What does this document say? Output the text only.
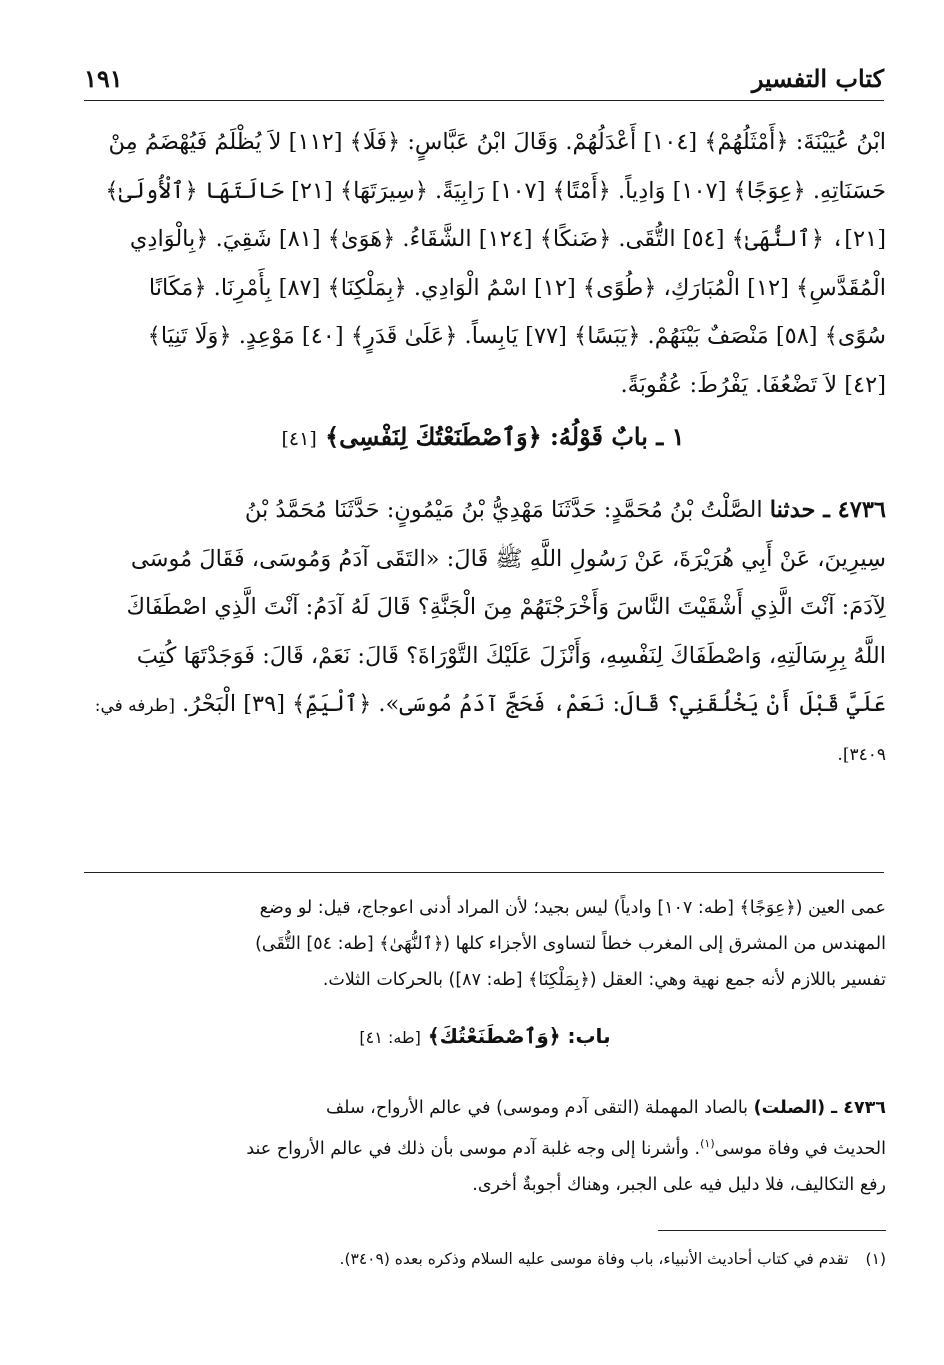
كتاب التفسير
١٩١

ابْنُ عُيَيْنَةَ: ﴿أَمْثَلُهُمْ﴾ [١٠٤] أَعْدَلُهُمْ. وَقَالَ ابْنُ عَبَّاسٍ: ﴿فَلَا﴾ [١١٢] لاَ يُظْلَمُ فَيُهْضَمُ مِنْ

حَسَنَاتِهِ. ﴿عِوَجًا﴾ [١٠٧] وَادِياً. ﴿أَمْتًا﴾ [١٠٧] رَابِيَةً. ﴿سِيرَتَهَا﴾ [٢١] حَالَتَهَا ﴿ٱلْأُولَىٰ﴾

[٢١]، ﴿ٱلنُّهَىٰ﴾ [٥٤] التُّقَى. ﴿ضَنكًا﴾ [١٢٤] الشَّقَاءُ. ﴿هَوَىٰ﴾ [٨١] شَقِيَ. ﴿بِالْوَادِي

الْمُقَدَّسِ﴾ [١٢] الْمُبَارَكِ، ﴿طُوًى﴾ [١٢] اسْمُ الْوَادِي. ﴿بِمَلْكِنَا﴾ [٨٧] بِأَمْرِنَا. ﴿مَكَانًا

سُوًى﴾ [٥٨] مَنْصَفٌ بَيْنَهُمْ. ﴿يَبَسًا﴾ [٧٧] يَابِساً. ﴿عَلَىٰ قَدَرٍ﴾ [٤٠] مَوْعِدٍ. ﴿وَلَا تَنِيَا﴾

[٤٢] لاَ تَضْعُفَا. يَفْرُطَ: عُقُوبَةً.

١ ـ بابٌ قَوْلُهُ: ﴿وَٱصْطَنَعْتُكَ لِنَفْسِى﴾ [٤١]

٤٧٣٦ ـ حدثنا الصَّلْتُ بْنُ مُحَمَّدٍ: حَدَّثَنَا مَهْدِيُّ بْنُ مَيْمُونٍ: حَدَّثَنَا مُحَمَّدُ بْنُ

سِيرِينَ، عَنْ أَبِي هُرَيْرَةَ، عَنْ رَسُولِ اللَّهِ ﷺ قَالَ: «التَقَى آدَمُ وَمُوسَى، فَقَالَ مُوسَى

لِآدَمَ: آنْتَ الَّذِي أَشْقَيْتَ النَّاسَ وَأَخْرَجْتَهُمْ مِنَ الْجَنَّةِ؟ قَالَ لَهُ آدَمُ: آنْتَ الَّذِي اصْطَفَاكَ

اللَّهُ بِرِسَالَتِهِ، وَاصْطَفَاكَ لِنَفْسِهِ، وَأَنْزَلَ عَلَيْكَ التَّوْرَاةَ؟ قَالَ: نَعَمْ، قَالَ: فَوَجَدْتَهَا كُتِبَ

عَلَيَّ قَبْلَ أَنْ يَخْلُقَنِي؟ قَالَ: نَعَمْ، فَحَجَّ آدَمُ مُوسَى». ﴿ٱلْيَمِّ﴾ [٣٩] الْبَحْرُ. [طرفه في:

٣٤٠٩].

عمى العين (﴿عِوَجًا﴾ [طه: ١٠٧] وادياً) ليس بجيد؛ لأن المراد أدنى اعوجاج، قيل: لو وضع

المهندس من المشرق إلى المغرب خطاً لتساوى الأجزاء كلها (﴿ٱلنُّهَىٰ﴾ [طه: ٥٤] التُّقَى)

تفسير باللازم لأنه جمع نهية وهي: العقل (﴿بِمَلْكِنَا﴾ [طه: ٨٧]) بالحركات الثلاث.

باب: ﴿وَٱصْطَنَعْتُكَ﴾ [طه: ٤١]

٤٧٣٦ ـ (الصلت) بالصاد المهملة (التقى آدم وموسى) في عالم الأرواح، سلف

الحديث في وفاة موسى$^{(١)}$. وأشرنا إلى وجه غلبة آدم موسى بأن ذلك في عالم الأرواح عند

رفع التكاليف، فلا دليل فيه على الجبر، وهناك أجوبةٌ أخرى.

(١) تقدم في كتاب أحاديث الأنبياء، باب وفاة موسى عليه السلام وذكره بعده (٣٤٠٩).
